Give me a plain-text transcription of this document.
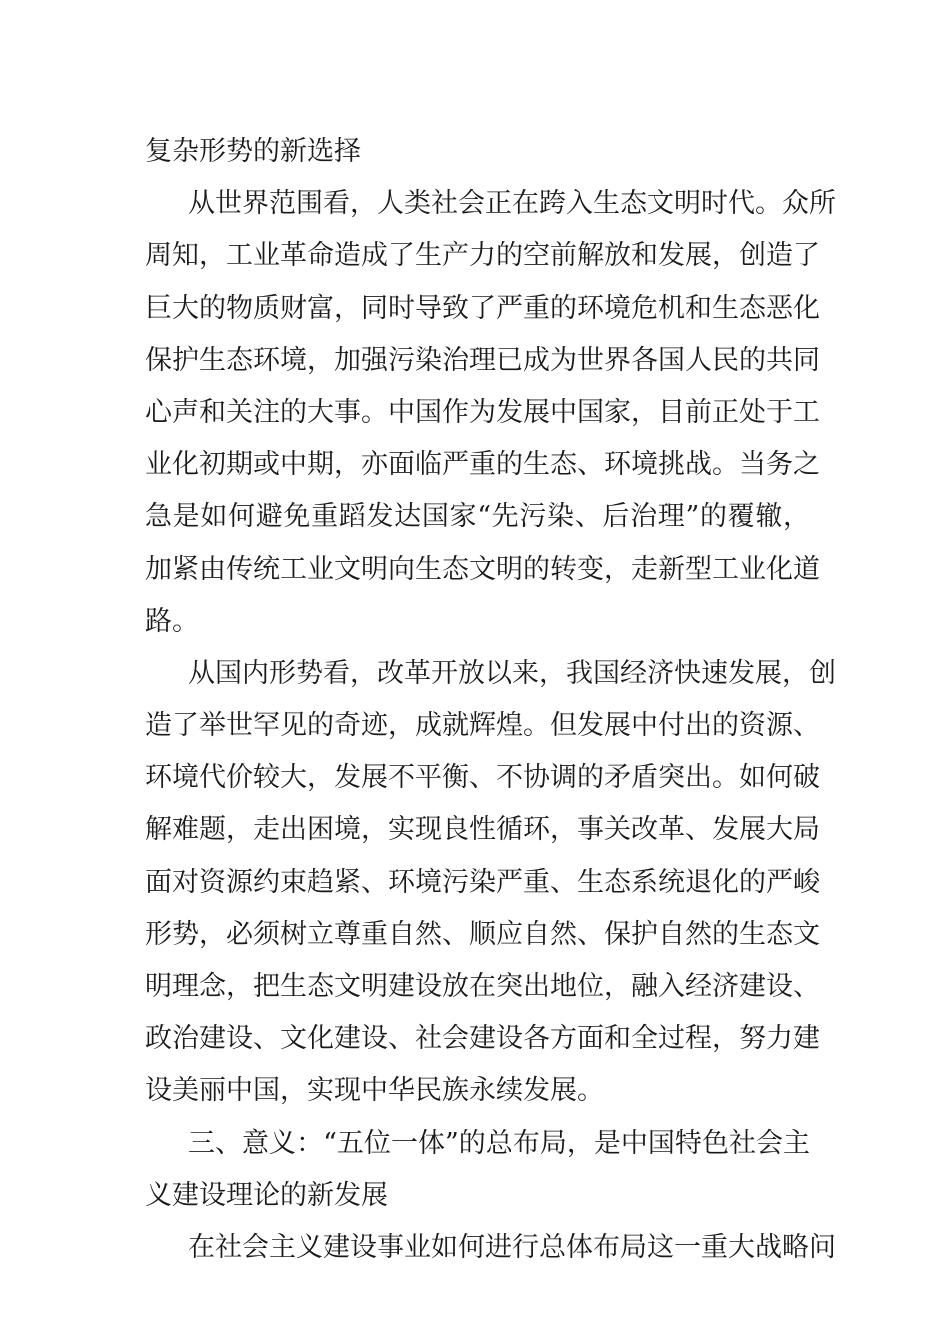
复杂形势的新选择
从世界范围看，人类社会正在跨入生态文明时代。众所
周知，工业革命造成了生产力的空前解放和发展，创造了
巨大的物质财富，同时导致了严重的环境危机和生态恶化
保护生态环境，加强污染治理已成为世界各国人民的共同
心声和关注的大事。中国作为发展中国家，目前正处于工
业化初期或中期，亦面临严重的生态、环境挑战。当务之
急是如何避免重蹈发达国家“先污染、后治理”的覆辙，
加紧由传统工业文明向生态文明的转变，走新型工业化道
路。
从国内形势看，改革开放以来，我国经济快速发展，创
造了举世罕见的奇迹，成就辉煌。但发展中付出的资源、
环境代价较大，发展不平衡、不协调的矛盾突出。如何破
解难题，走出困境，实现良性循环，事关改革、发展大局
面对资源约束趋紧、环境污染严重、生态系统退化的严峻
形势，必须树立尊重自然、顺应自然、保护自然的生态文
明理念，把生态文明建设放在突出地位，融入经济建设、
政治建设、文化建设、社会建设各方面和全过程，努力建
设美丽中国，实现中华民族永续发展。
三、意义：“五位一体”的总布局，是中国特色社会主
义建设理论的新发展
在社会主义建设事业如何进行总体布局这一重大战略问
